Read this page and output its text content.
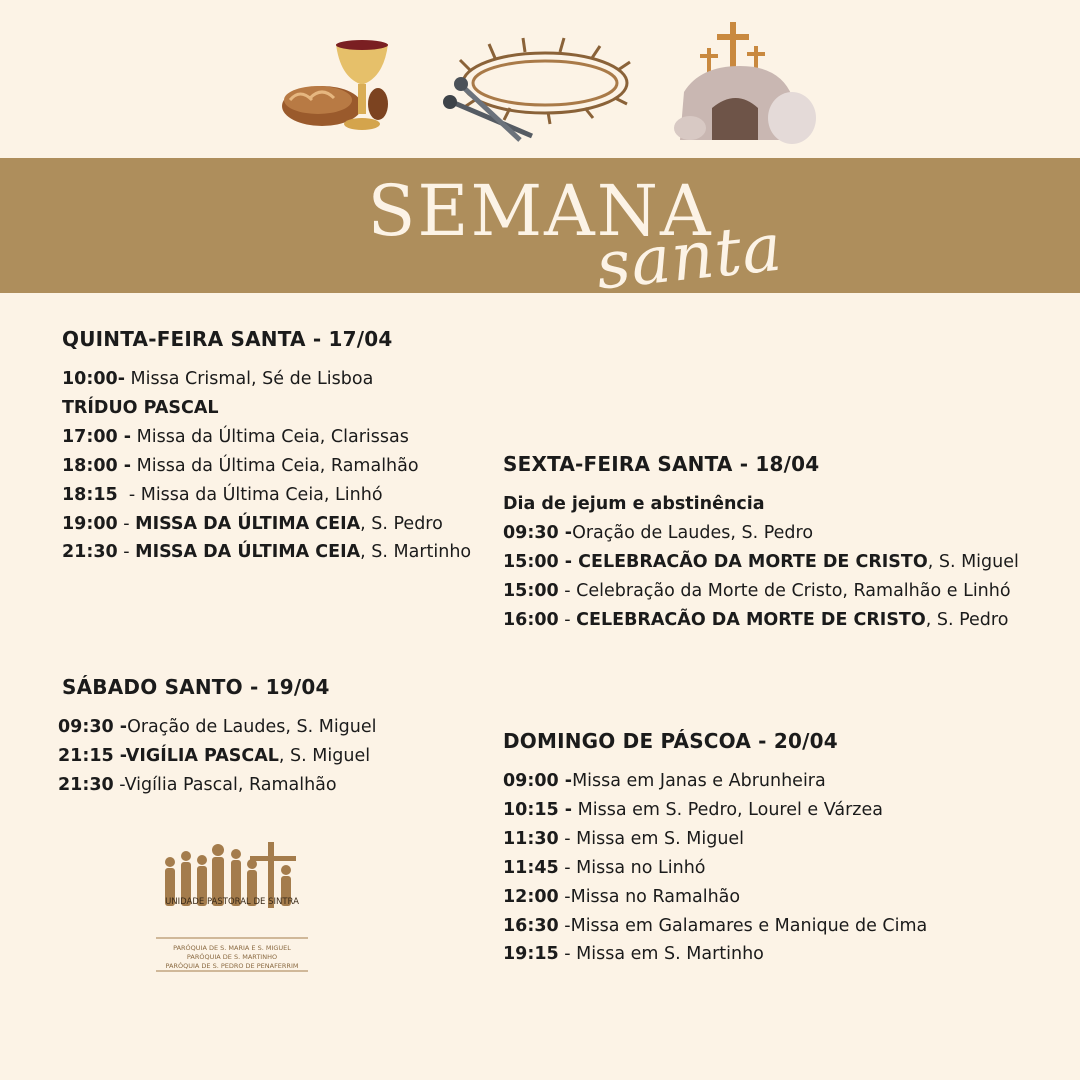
SEMANA
santa
QUINTA-FEIRA SANTA - 17/04
10:00- Missa Crismal, Sé de Lisboa
TRÍDUO PASCAL
17:00 - Missa da Última Ceia, Clarissas
18:00 - Missa da Última Ceia, Ramalhão
18:15  - Missa da Última Ceia, Linhó
19:00 - MISSA DA ÚLTIMA CEIA, S. Pedro
21:30 - MISSA DA ÚLTIMA CEIA, S. Martinho
SEXTA-FEIRA SANTA - 18/04
Dia de jejum e abstinência
09:30 -Oração de Laudes, S. Pedro
15:00 - CELEBRACÃO DA MORTE DE CRISTO, S. Miguel
15:00 - Celebração da Morte de Cristo, Ramalhão e Linhó
16:00 - CELEBRACÃO DA MORTE DE CRISTO, S. Pedro
SÁBADO SANTO - 19/04
09:30 -Oração de Laudes, S. Miguel
21:15 -VIGÍLIA PASCAL, S. Miguel
21:30 -Vigília Pascal, Ramalhão
DOMINGO DE PÁSCOA - 20/04
09:00 -Missa em Janas e Abrunheira
10:15 - Missa em S. Pedro, Lourel e Várzea
11:30 - Missa em S. Miguel
11:45 - Missa no Linhó
12:00 -Missa no Ramalhão
16:30 -Missa em Galamares e Manique de Cima
19:15 - Missa em S. Martinho
UNIDADE PASTORAL DE SINTRA
PARÓQUIA DE S. MARIA E S. MIGUEL
PARÓQUIA DE S. MARTINHO
PARÓQUIA DE S. PEDRO DE PENAFERRIM
